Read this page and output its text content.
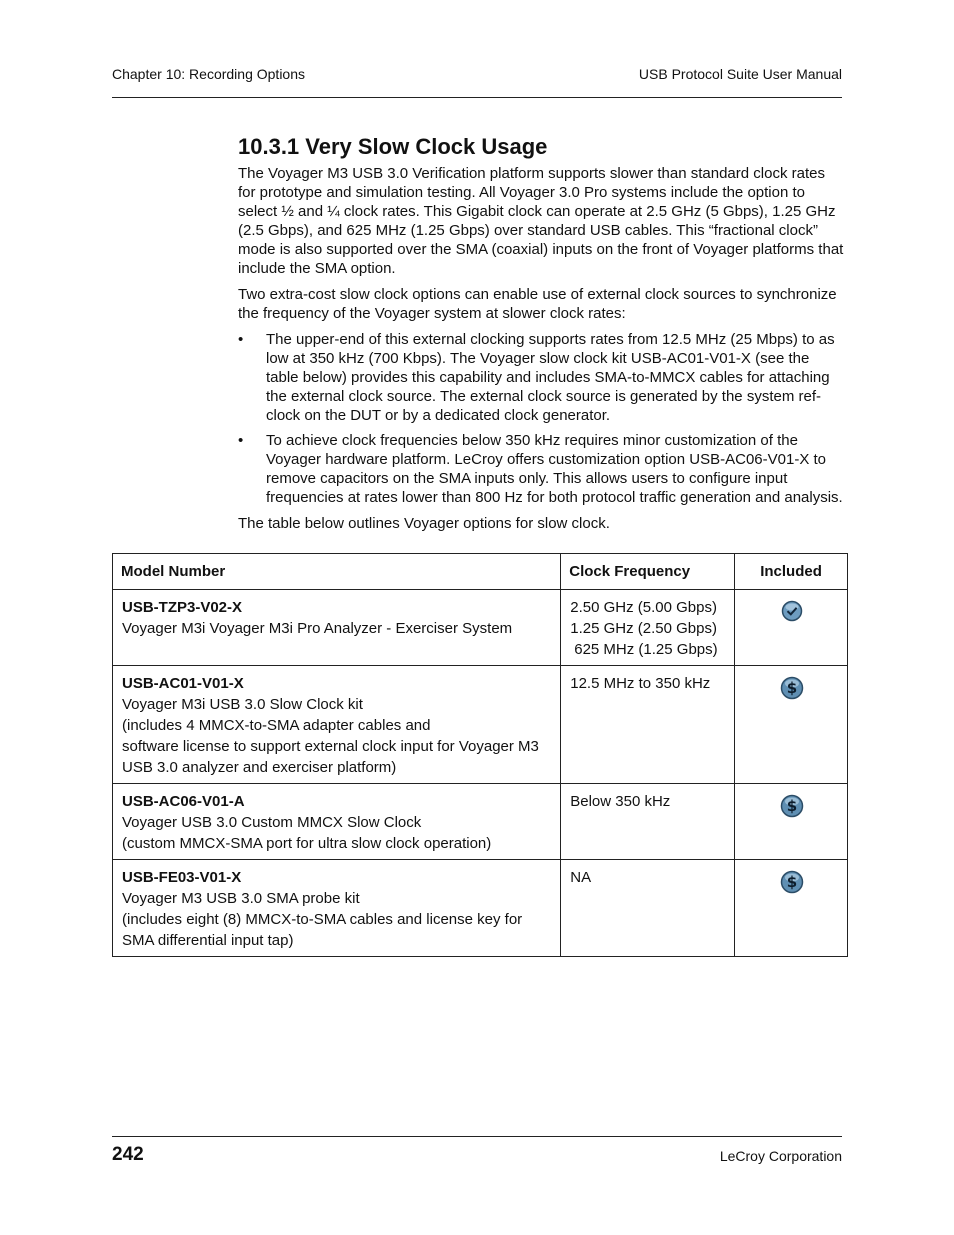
Chapter 10: Recording Options	USB Protocol Suite User Manual
10.3.1 Very Slow Clock Usage

The Voyager M3 USB 3.0 Verification platform supports slower than standard clock rates for prototype and simulation testing. All Voyager 3.0 Pro systems include the option to select ½ and ¼ clock rates. This Gigabit clock can operate at 2.5 GHz (5 Gbps), 1.25 GHz (2.5 Gbps), and 625 MHz (1.25 Gbps) over standard USB cables. This “fractional clock” mode is also supported over the SMA (coaxial) inputs on the front of Voyager platforms that include the SMA option.

Two extra-cost slow clock options can enable use of external clock sources to synchronize the frequency of the Voyager system at slower clock rates:

• The upper-end of this external clocking supports rates from 12.5 MHz (25 Mbps) to as low at 350 kHz (700 Kbps). The Voyager slow clock kit USB-AC01-V01-X (see the table below) provides this capability and includes SMA-to-MMCX cables for attaching the external clock source. The external clock source is generated by the system ref-clock on the DUT or by a dedicated clock generator.
• To achieve clock frequencies below 350 kHz requires minor customization of the Voyager hardware platform. LeCroy offers customization option USB-AC06-V01-X to remove capacitors on the SMA inputs only. This allows users to configure input frequencies at rates lower than 800 Hz for both protocol traffic generation and analysis.

The table below outlines Voyager options for slow clock.

Model Number	Clock Frequency	Included

USB-TZP3-V02-X
Voyager M3i Voyager M3i Pro Analyzer - Exerciser System	2.50 GHz (5.00 Gbps)
1.25 GHz (2.50 Gbps)
625 MHz (1.25 Gbps)

USB-AC01-V01-X
Voyager M3i USB 3.0 Slow Clock kit
(includes 4 MMCX-to-SMA adapter cables and
software license to support external clock input for Voyager M3 USB 3.0 analyzer and exerciser platform)	12.5 MHz to 350 kHz	$

USB-AC06-V01-A
Voyager USB 3.0 Custom MMCX Slow Clock
(custom MMCX-SMA port for ultra slow clock operation)	Below 350 kHz	$

USB-FE03-V01-X
Voyager M3 USB 3.0 SMA probe kit
(includes eight (8) MMCX-to-SMA cables and license key for SMA differential input tap)	NA	$
242	LeCroy Corporation
